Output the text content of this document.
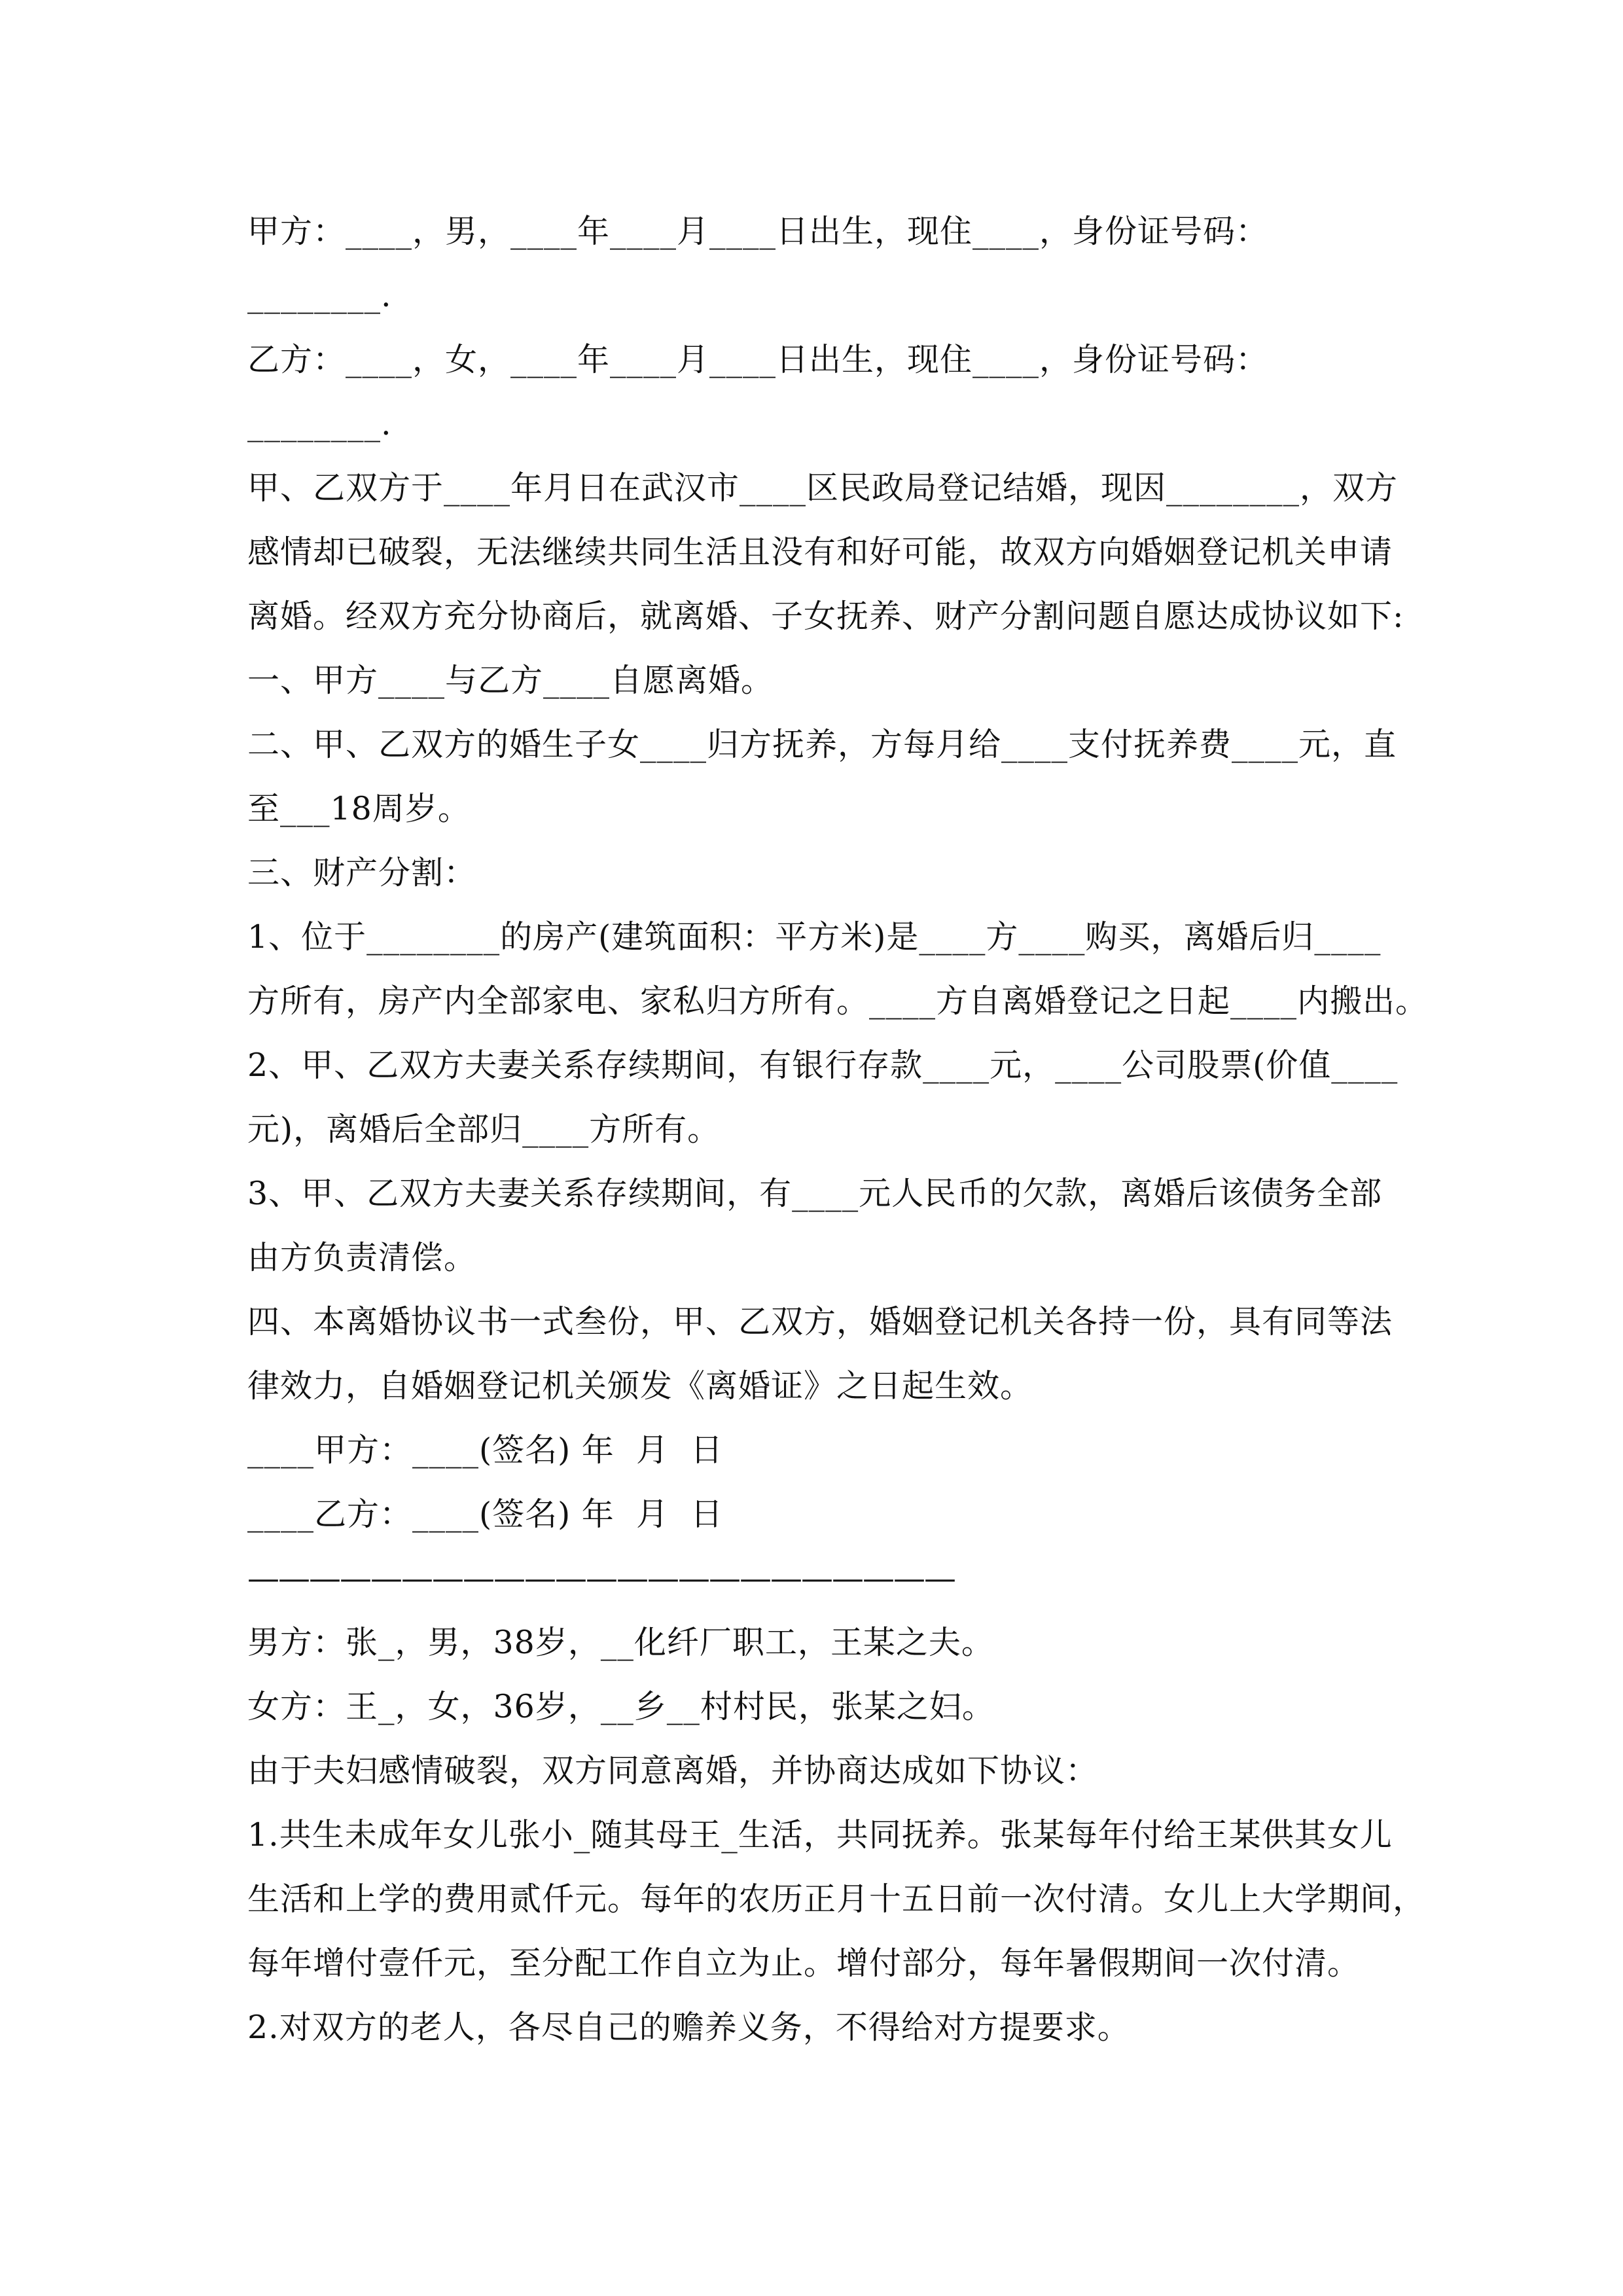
甲方：____，男，____年____月____日出生，现住____，身份证号码：
________.
乙方：____，女，____年____月____日出生，现住____，身份证号码：
________.
甲、乙双方于____年月日在武汉市____区民政局登记结婚，现因________，双方
感情却已破裂，无法继续共同生活且没有和好可能，故双方向婚姻登记机关申请
离婚。经双方充分协商后，就离婚、子女抚养、财产分割问题自愿达成协议如下:
一、甲方____与乙方____自愿离婚。
二、甲、乙双方的婚生子女____归方抚养，方每月给____支付抚养费____元，直
至___18周岁。
三、财产分割：
1、位于________的房产(建筑面积：平方米)是____方____购买，离婚后归____
方所有，房产内全部家电、家私归方所有。____方自离婚登记之日起____内搬出。
2、甲、乙双方夫妻关系存续期间，有银行存款____元，____公司股票(价值____
元)，离婚后全部归____方所有。
3、甲、乙双方夫妻关系存续期间，有____元人民币的欠款，离婚后该债务全部
由方负责清偿。
四、本离婚协议书一式叁份，甲、乙双方，婚姻登记机关各持一份，具有同等法
律效力，自婚姻登记机关颁发《离婚证》之日起生效。
____甲方：____(签名) 年  月  日
____乙方：____(签名) 年  月  日
———————————————————————
男方：张_，男，38岁，__化纤厂职工，王某之夫。
女方：王_，女，36岁，__乡__村村民，张某之妇。
由于夫妇感情破裂，双方同意离婚，并协商达成如下协议：
1.共生未成年女儿张小_随其母王_生活，共同抚养。张某每年付给王某供其女儿
生活和上学的费用贰仟元。每年的农历正月十五日前一次付清。女儿上大学期间，
每年增付壹仟元，至分配工作自立为止。增付部分，每年暑假期间一次付清。
2.对双方的老人，各尽自己的赡养义务，不得给对方提要求。
